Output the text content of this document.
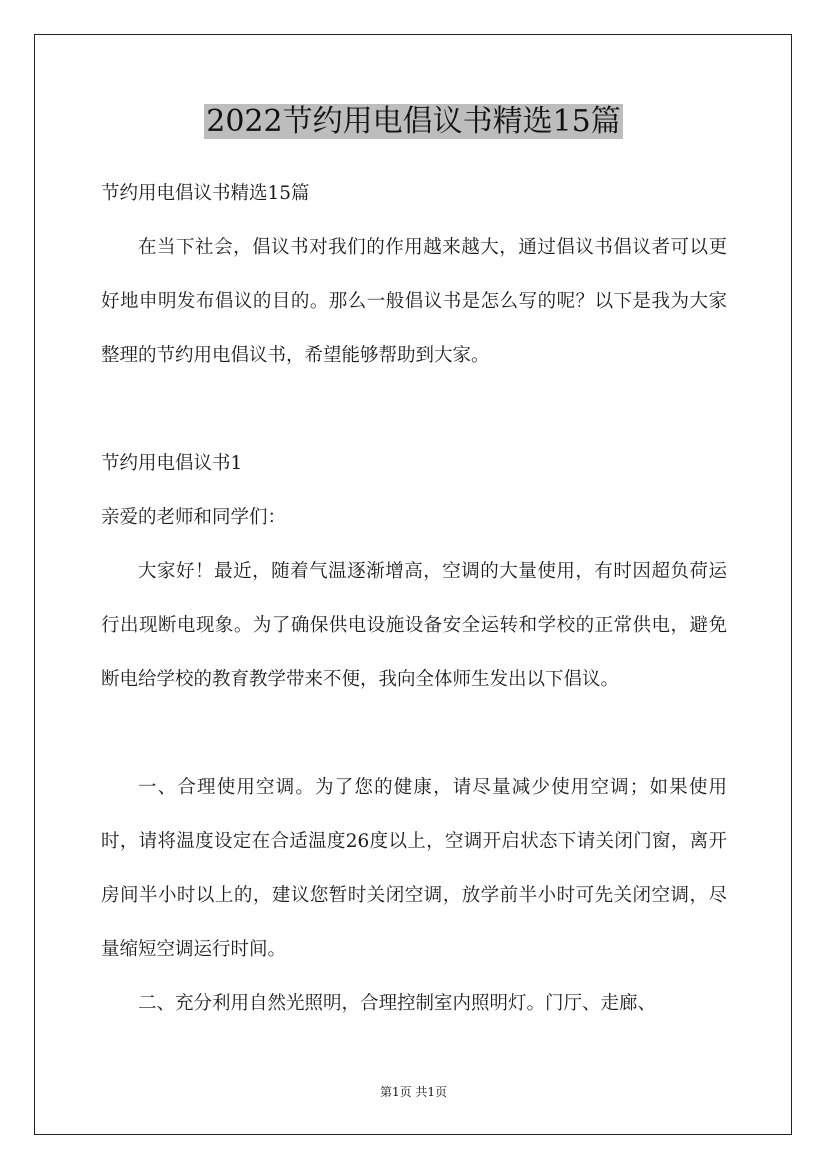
2022节约用电倡议书精选15篇

节约用电倡议书精选15篇

在当下社会，倡议书对我们的作用越来越大，通过倡议书倡议者可以更好地申明发布倡议的目的。那么一般倡议书是怎么写的呢？以下是我为大家整理的节约用电倡议书，希望能够帮助到大家。

节约用电倡议书1

亲爱的老师和同学们：

大家好！最近，随着气温逐渐增高，空调的大量使用，有时因超负荷运行出现断电现象。为了确保供电设施设备安全运转和学校的正常供电，避免断电给学校的教育教学带来不便，我向全体师生发出以下倡议。

一、合理使用空调。为了您的健康，请尽量减少使用空调；如果使用时，请将温度设定在合适温度26度以上，空调开启状态下请关闭门窗，离开房间半小时以上的，建议您暂时关闭空调，放学前半小时可先关闭空调，尽量缩短空调运行时间。

二、充分利用自然光照明，合理控制室内照明灯。门厅、走廊、

第1页 共1页
